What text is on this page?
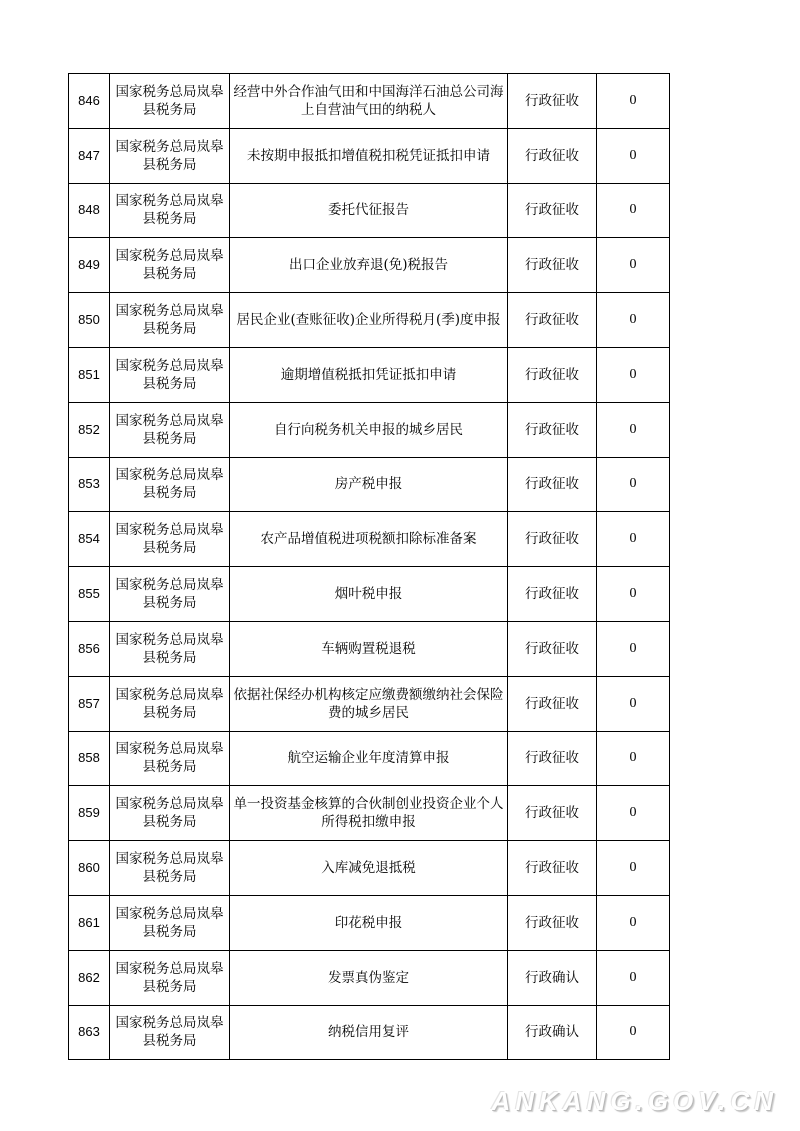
846	国家税务总局岚皋县税务局	经营中外合作油气田和中国海洋石油总公司海上自营油气田的纳税人	行政征收	0
847	国家税务总局岚皋县税务局	未按期申报抵扣增值税扣税凭证抵扣申请	行政征收	0
848	国家税务总局岚皋县税务局	委托代征报告	行政征收	0
849	国家税务总局岚皋县税务局	出口企业放弃退(免)税报告	行政征收	0
850	国家税务总局岚皋县税务局	居民企业(查账征收)企业所得税月(季)度申报	行政征收	0
851	国家税务总局岚皋县税务局	逾期增值税抵扣凭证抵扣申请	行政征收	0
852	国家税务总局岚皋县税务局	自行向税务机关申报的城乡居民	行政征收	0
853	国家税务总局岚皋县税务局	房产税申报	行政征收	0
854	国家税务总局岚皋县税务局	农产品增值税进项税额扣除标准备案	行政征收	0
855	国家税务总局岚皋县税务局	烟叶税申报	行政征收	0
856	国家税务总局岚皋县税务局	车辆购置税退税	行政征收	0
857	国家税务总局岚皋县税务局	依据社保经办机构核定应缴费额缴纳社会保险费的城乡居民	行政征收	0
858	国家税务总局岚皋县税务局	航空运输企业年度清算申报	行政征收	0
859	国家税务总局岚皋县税务局	单一投资基金核算的合伙制创业投资企业个人所得税扣缴申报	行政征收	0
860	国家税务总局岚皋县税务局	入库减免退抵税	行政征收	0
861	国家税务总局岚皋县税务局	印花税申报	行政征收	0
862	国家税务总局岚皋县税务局	发票真伪鉴定	行政确认	0
863	国家税务总局岚皋县税务局	纳税信用复评	行政确认	0
ANKANG.GOV.CN
